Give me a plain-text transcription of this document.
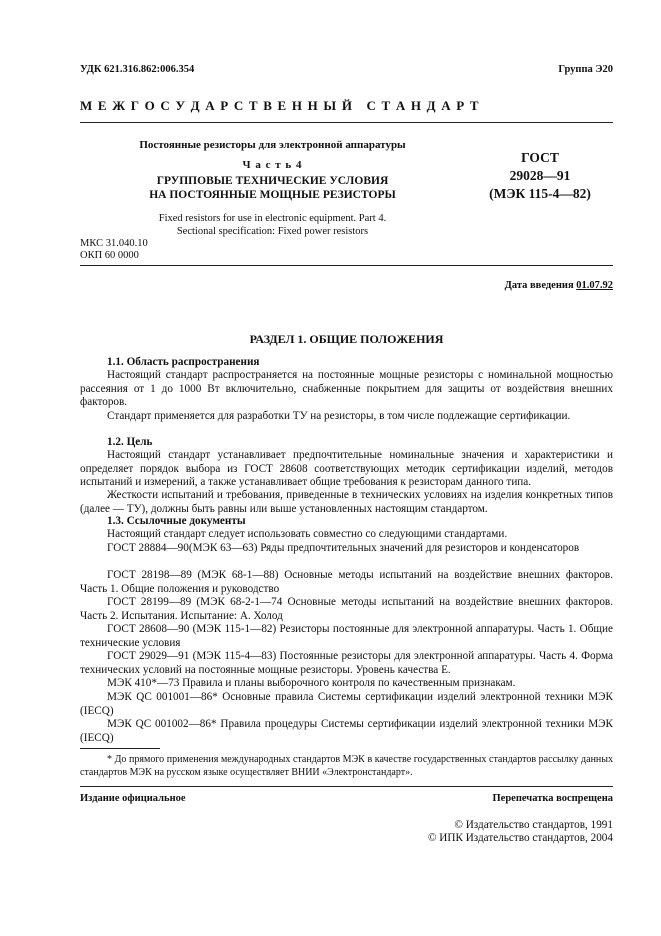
УДК 621.316.862:006.354	Группа Э20
М Е Ж Г О С У Д А Р С Т В Е Н Н Ы Й   С Т А Н Д А Р Т
Постоянные резисторы для электронной аппаратуры
Ч а с т ь 4
ГРУППОВЫЕ ТЕХНИЧЕСКИЕ УСЛОВИЯ
НА ПОСТОЯННЫЕ МОЩНЫЕ РЕЗИСТОРЫ
Fixed resistors for use in electronic equipment. Part 4.
Sectional specification: Fixed power resistors
ГОСТ
29028—91
(МЭК 115-4—82)
МКС 31.040.10
ОКП 60 0000
Дата введения 01.07.92
РАЗДЕЛ 1. ОБЩИЕ ПОЛОЖЕНИЯ

1.1. Область распространения

Настоящий стандарт распространяется на постоянные мощные резисторы с номинальной мощностью рассеяния от 1 до 1000 Вт включительно, снабженные покрытием для защиты от воздействия внешних факторов.

Стандарт применяется для разработки ТУ на резисторы, в том числе подлежащие сертификации.

1.2. Цель

Настоящий стандарт устанавливает предпочтительные номинальные значения и характеристики и определяет порядок выбора из ГОСТ 28608 соответствующих методик сертификации изделий, методов испытаний и измерений, а также устанавливает общие требования к резисторам данного типа.

Жесткости испытаний и требования, приведенные в технических условиях на изделия конкретных типов (далее — ТУ), должны быть равны или выше установленных настоящим стандартом.

1.3. Ссылочные документы

Настоящий стандарт следует использовать совместно со следующими стандартами.

ГОСТ 28884—90(МЭК 63—63) Ряды предпочтительных значений для резисторов и конденсаторов

ГОСТ 28198—89 (МЭК 68-1—88) Основные методы испытаний на воздействие внешних факторов. Часть 1. Общие положения и руководство

ГОСТ 28199—89 (МЭК 68-2-1—74 Основные методы испытаний на воздействие внешних факторов. Часть 2. Испытания. Испытание: А. Холод

ГОСТ 28608—90 (МЭК 115-1—82) Резисторы постоянные для электронной аппаратуры. Часть 1. Общие технические условия

ГОСТ 29029—91 (МЭК 115-4—83) Постоянные резисторы для электронной аппаратуры. Часть 4. Форма технических условий на постоянные мощные резисторы. Уровень качества Е.

МЭК 410*—73 Правила и планы выборочного контроля по качественным признакам.

МЭК QC 001001—86* Основные правила Системы сертификации изделий электронной техники МЭК (IECQ)

МЭК QC 001002—86* Правила процедуры Системы сертификации изделий электронной техники МЭК (IECQ)

* До прямого применения международных стандартов МЭК в качестве государственных стандартов рассылку данных стандартов МЭК на русском языке осуществляет ВНИИ «Электронстандарт».

Издание официальное	Перепечатка воспрещена
© Издательство стандартов, 1991
© ИПК Издательство стандартов, 2004
